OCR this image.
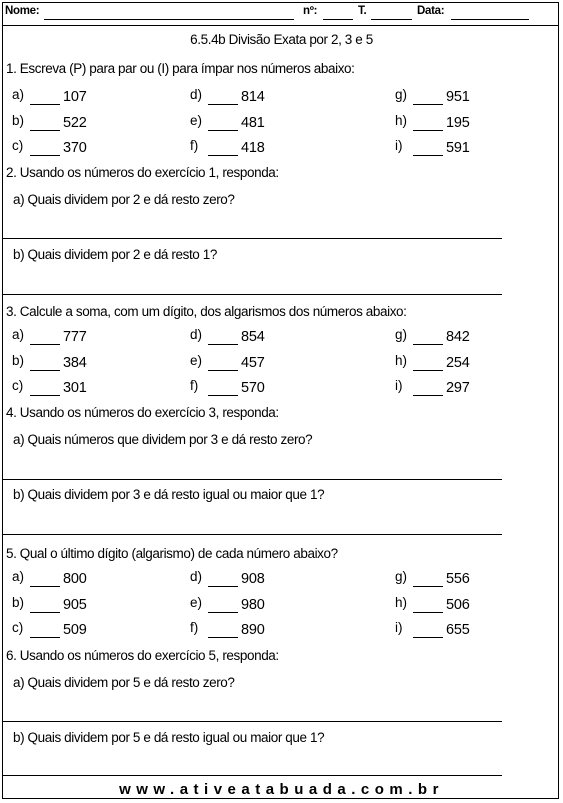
Nome:	nº:	T.	Data:
6.5.4b Divisão Exata por 2, 3 e 5
1. Escreva (P) para par ou (I) para ímpar nos números abaixo:
2. Usando os números do exercício 1, responda:
a) Quais dividem por 2 e dá resto zero?
b) Quais dividem por 2 e dá resto 1?
3. Calcule a soma, com um dígito, dos algarismos dos números abaixo:
4. Usando os números do exercício 3, responda:
a) Quais números que dividem por 3 e dá resto zero?
b) Quais dividem por 3 e dá resto igual ou maior que 1?
5. Qual o último dígito (algarismo) de cada número abaixo?
6. Usando os números do exercício 5, responda:
a) Quais dividem por 5 e dá resto zero?
b) Quais dividem por 5 e dá resto igual ou maior que 1?
www.ativeatabuada.com.br
a)	107	d)	814	g)	951
b)	522	e)	481	h)	195
c)	370	f)	418	i)	591
a)	777	d)	854	g)	842
b)	384	e)	457	h)	254
c)	301	f)	570	i)	297
a)	800	d)	908	g)	556
b)	905	e)	980	h)	506
c)	509	f)	890	i)	655
